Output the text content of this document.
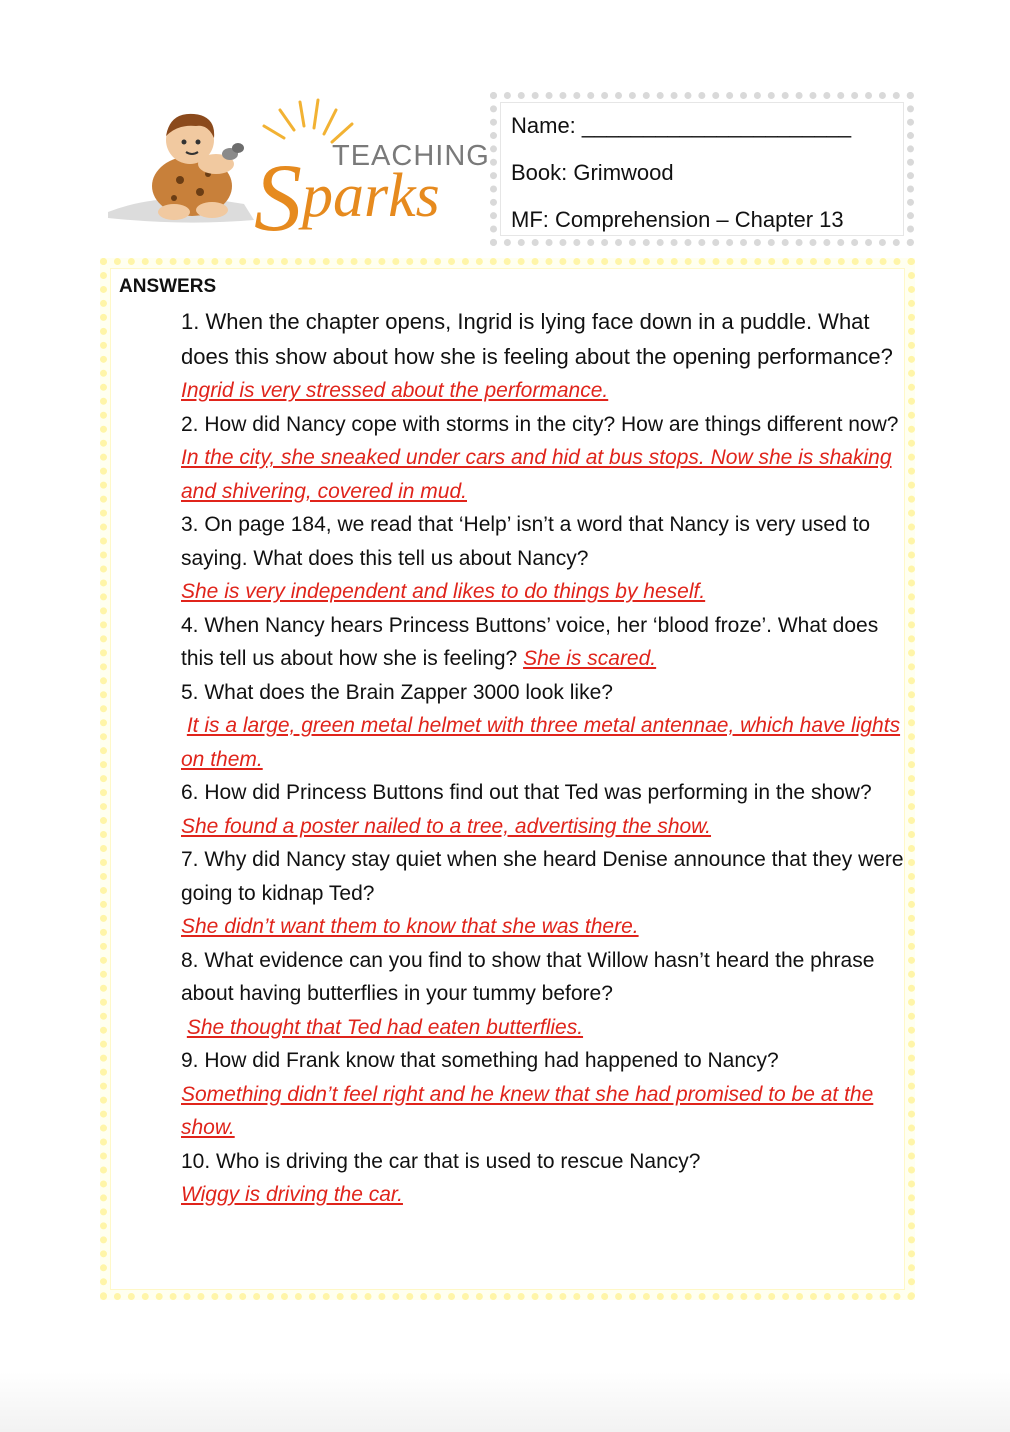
TEACHING
Sparks
Name: ______________________
Book: Grimwood
MF: Comprehension – Chapter 13
ANSWERS
1. When the chapter opens, Ingrid is lying face down in a puddle. What does this show about how she is feeling about the opening performance?
Ingrid is very stressed about the performance.
2. How did Nancy cope with storms in the city? How are things different now? In the city, she sneaked under cars and hid at bus stops. Now she is shaking and shivering, covered in mud.
3. On page 184, we read that ‘Help’ isn’t a word that Nancy is very used to saying. What does this tell us about Nancy?
She is very independent and likes to do things by heself.
4. When Nancy hears Princess Buttons’ voice, her ‘blood froze’. What does this tell us about how she is feeling? She is scared.
5. What does the Brain Zapper 3000 look like?
It is a large, green metal helmet with three metal antennae, which have lights on them.
6. How did Princess Buttons find out that Ted was performing in the show?
She found a poster nailed to a tree, advertising the show.
7. Why did Nancy stay quiet when she heard Denise announce that they were going to kidnap Ted?
She didn’t want them to know that she was there.
8. What evidence can you find to show that Willow hasn’t heard the phrase about having butterflies in your tummy before?
She thought that Ted had eaten butterflies.
9. How did Frank know that something had happened to Nancy?
Something didn’t feel right and he knew that she had promised to be at the show.
10. Who is driving the car that is used to rescue Nancy?
Wiggy is driving the car.
